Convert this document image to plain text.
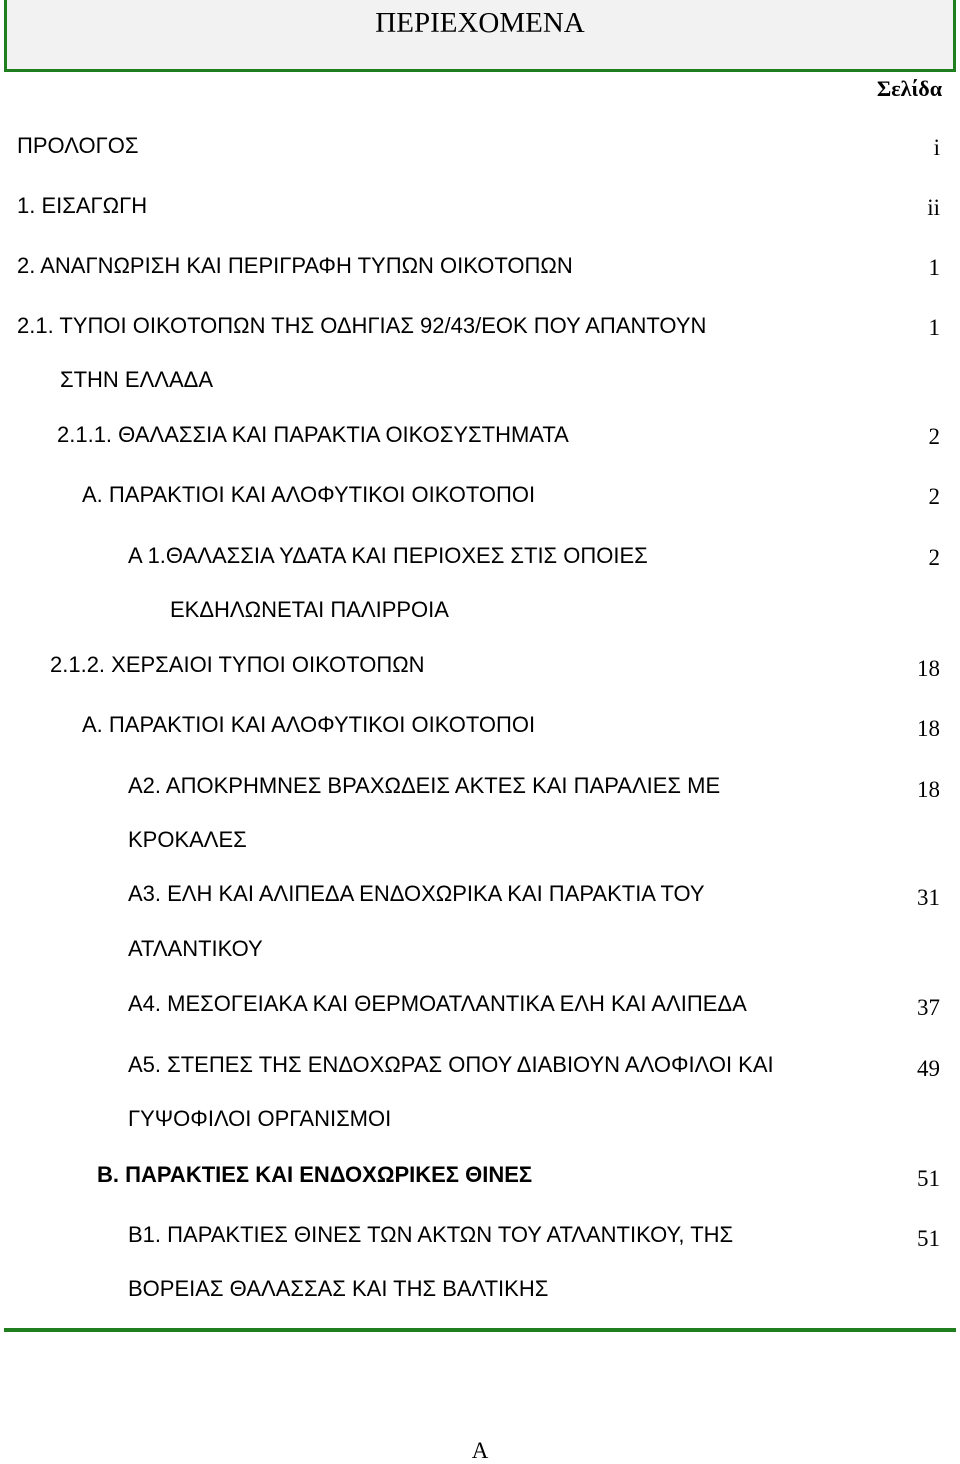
ΠΕΡΙΕΧΟΜΕΝΑ
Σελίδα
ΠΡΟΛΟΓΟΣ	i
1. ΕΙΣΑΓΩΓΗ	ii
2. ΑΝΑΓΝΩΡΙΣΗ ΚΑΙ ΠΕΡΙΓΡΑΦΗ ΤΥΠΩΝ ΟΙΚΟΤΟΠΩΝ	1
2.1. ΤΥΠΟΙ ΟΙΚΟΤΟΠΩΝ ΤΗΣ ΟΔΗΓΙΑΣ 92/43/ΕΟΚ ΠΟΥ ΑΠΑΝΤΟΥΝ	1
ΣΤΗΝ ΕΛΛΑΔΑ
2.1.1. ΘΑΛΑΣΣΙΑ ΚΑΙ ΠΑΡΑΚΤΙΑ ΟΙΚΟΣΥΣΤΗΜΑΤΑ	2
Α. ΠΑΡΑΚΤΙΟΙ ΚΑΙ ΑΛΟΦΥΤΙΚΟΙ ΟΙΚΟΤΟΠΟΙ	2
Α 1.ΘΑΛΑΣΣΙΑ ΥΔΑΤΑ ΚΑΙ ΠΕΡΙΟΧΕΣ ΣΤΙΣ ΟΠΟΙΕΣ	2
ΕΚΔΗΛΩΝΕΤΑΙ ΠΑΛΙΡΡΟΙΑ
2.1.2. ΧΕΡΣΑΙΟΙ ΤΥΠΟΙ ΟΙΚΟΤΟΠΩΝ	18
Α. ΠΑΡΑΚΤΙΟΙ ΚΑΙ ΑΛΟΦΥΤΙΚΟΙ ΟΙΚΟΤΟΠΟΙ	18
Α2. ΑΠΟΚΡΗΜΝΕΣ ΒΡΑΧΩΔΕΙΣ ΑΚΤΕΣ ΚΑΙ ΠΑΡΑΛΙΕΣ ΜΕ	18
ΚΡΟΚΑΛΕΣ
Α3. ΕΛΗ ΚΑΙ ΑΛΙΠΕΔΑ ΕΝΔΟΧΩΡΙΚΑ ΚΑΙ ΠΑΡΑΚΤΙΑ ΤΟΥ	31
ΑΤΛΑΝΤΙΚΟΥ
Α4. ΜΕΣΟΓΕΙΑΚΑ ΚΑΙ ΘΕΡΜΟΑΤΛΑΝΤΙΚΑ ΕΛΗ ΚΑΙ ΑΛΙΠΕΔΑ	37
Α5. ΣΤΕΠΕΣ ΤΗΣ ΕΝΔΟΧΩΡΑΣ ΟΠΟΥ ΔΙΑΒΙΟΥΝ ΑΛΟΦΙΛΟΙ ΚΑΙ	49
ΓΥΨΟΦΙΛΟΙ ΟΡΓΑΝΙΣΜΟΙ
Β. ΠΑΡΑΚΤΙΕΣ ΚΑΙ ΕΝΔΟΧΩΡΙΚΕΣ ΘΙΝΕΣ	51
Β1. ΠΑΡΑΚΤΙΕΣ ΘΙΝΕΣ ΤΩΝ ΑΚΤΩΝ ΤΟΥ ΑΤΛΑΝΤΙΚΟΥ, ΤΗΣ	51
ΒΟΡΕΙΑΣ ΘΑΛΑΣΣΑΣ ΚΑΙ ΤΗΣ ΒΑΛΤΙΚΗΣ
A
